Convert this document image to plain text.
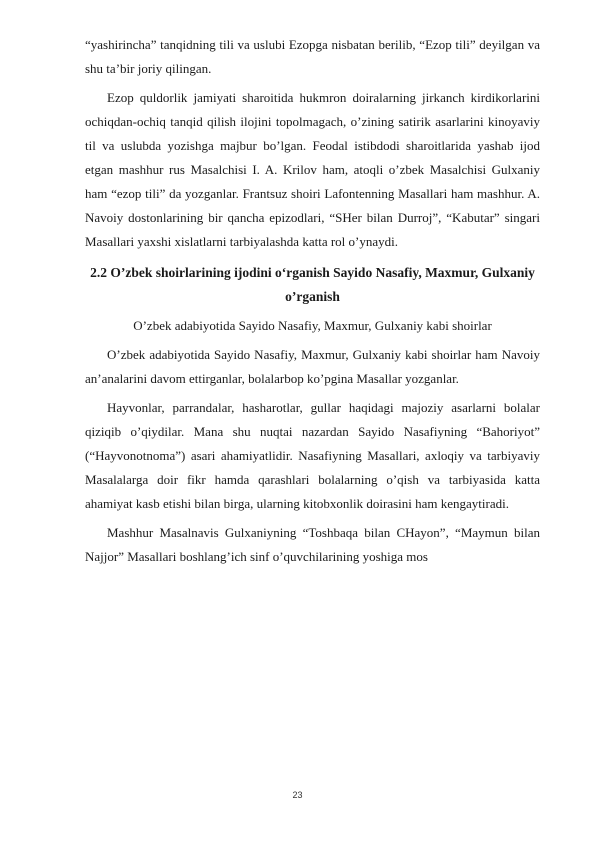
“yashirincha” tanqidning tili va uslubi Ezopga nisbatan berilib, “Ezop tili” deyilgan va shu ta’bir joriy qilingan.

Ezop quldorlik jamiyati sharoitida hukmron doiralarning jirkanch kirdikorlarini ochiqdan-ochiq tanqid qilish ilojini topolmagach, o’zining satirik asarlarini kinoyaviy til va uslubda yozishga majbur bo’lgan. Feodal istibdodi sharoitlarida yashab ijod etgan mashhur rus Masalchisi I. A. Krilov ham, atoqli o’zbek Masalchisi Gulxaniy ham “ezop tili” da yozganlar. Frantsuz shoiri Lafontenning Masallari ham mashhur. A. Navoiy dostonlarining bir qancha epizodlari, “SHer bilan Durroj”, “Kabutar” singari Masallari yaxshi xislatlarni tarbiyalashda katta rol o’ynaydi.

2.2 O’zbek shoirlarining ijodini o‘rganish Sayido Nasafiy, Maxmur, Gulxaniy o’rganish

O’zbek adabiyotida Sayido Nasafiy, Maxmur, Gulxaniy kabi shoirlar

O’zbek adabiyotida Sayido Nasafiy, Maxmur, Gulxaniy kabi shoirlar ham Navoiy an’analarini davom ettirganlar, bolalarbop ko’pgina Masallar yozganlar.

Hayvonlar, parrandalar, hasharotlar, gullar haqidagi majoziy asarlarni bolalar qiziqib o’qiydilar. Mana shu nuqtai nazardan Sayido Nasafiyning “Bahoriyot” (“Hayvonotnoma”) asari ahamiyatlidir. Nasafiyning Masallari, axloqiy va tarbiyaviy Masalalarga doir fikr hamda qarashlari bolalarning o’qish va tarbiyasida katta ahamiyat kasb etishi bilan birga, ularning kitobxonlik doirasini ham kengaytiradi.

Mashhur Masalnavis Gulxaniyning “Toshbaqa bilan CHayon”, “Maymun bilan Najjor” Masallari boshlang’ich sinf o’quvchilarining yoshiga mos

23
